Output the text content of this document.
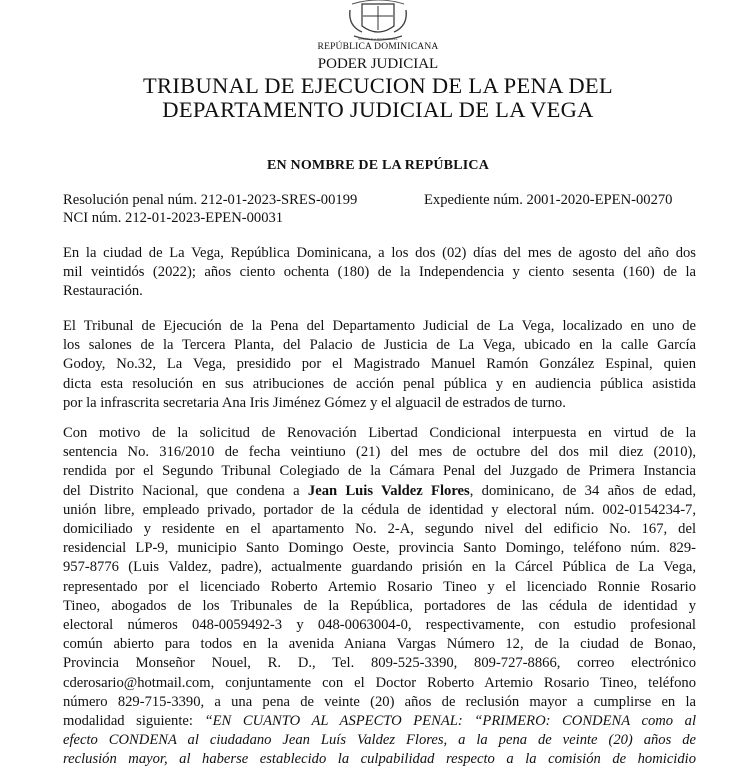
REPÚBLICA DOMINICANA
REPÚBLICA DOMINICANA
PODER JUDICIAL
TRIBUNAL DE EJECUCION DE LA PENA DEL
DEPARTAMENTO JUDICIAL DE LA VEGA
EN NOMBRE DE LA REPÚBLICA
Resolución penal núm. 212-01-2023-SRES-00199	Expediente núm. 2001-2020-EPEN-00270
NCI núm. 212-01-2023-EPEN-00031
En la ciudad de La Vega, República Dominicana, a los dos (02) días del mes de agosto del año dos
mil veintidós (2022); años ciento ochenta (180) de la Independencia y ciento sesenta (160) de la
Restauración.
El Tribunal de Ejecución de la Pena del Departamento Judicial de La Vega, localizado en uno de
los salones de la Tercera Planta, del Palacio de Justicia de La Vega, ubicado en la calle García
Godoy, No.32, La Vega, presidido por el Magistrado Manuel Ramón González Espinal, quien
dicta esta resolución en sus atribuciones de acción penal pública y en audiencia pública asistida
por la infrascrita secretaria Ana Iris Jiménez Gómez y el alguacil de estrados de turno.
Con motivo de la solicitud de Renovación Libertad Condicional interpuesta en virtud de la
sentencia No. 316/2010 de fecha veintiuno (21) del mes de octubre del dos mil diez (2010),
rendida por el Segundo Tribunal Colegiado de la Cámara Penal del Juzgado de Primera Instancia
del Distrito Nacional, que condena a Jean Luis Valdez Flores, dominicano, de 34 años de edad,
unión libre, empleado privado, portador de la cédula de identidad y electoral núm. 002-0154234-7,
domiciliado y residente en el apartamento No. 2-A, segundo nivel del edificio No. 167, del
residencial LP-9, municipio Santo Domingo Oeste, provincia Santo Domingo, teléfono núm. 829-
957-8776 (Luis Valdez, padre), actualmente guardando prisión en la Cárcel Pública de La Vega,
representado por el licenciado Roberto Artemio Rosario Tineo y el licenciado Ronnie Rosario
Tineo, abogados de los Tribunales de la República, portadores de las cédula de identidad y
electoral números 048-0059492-3 y 048-0063004-0, respectivamente, con estudio profesional
común abierto para todos en la avenida Aniana Vargas Número 12, de la ciudad de Bonao,
Provincia Monseñor Nouel, R. D., Tel. 809-525-3390, 809-727-8866, correo electrónico
cderosario@hotmail.com, conjuntamente con el Doctor Roberto Artemio Rosario Tineo, teléfono
número 829-715-3390, a una pena de veinte (20) años de reclusión mayor a cumplirse en la
modalidad siguiente: “EN CUANTO AL ASPECTO PENAL: “PRIMERO: CONDENA como al
efecto CONDENA al ciudadano Jean Luís Valdez Flores, a la pena de veinte (20) años de
reclusión mayor, al haberse establecido la culpabilidad respecto a la comisión de homicidio
